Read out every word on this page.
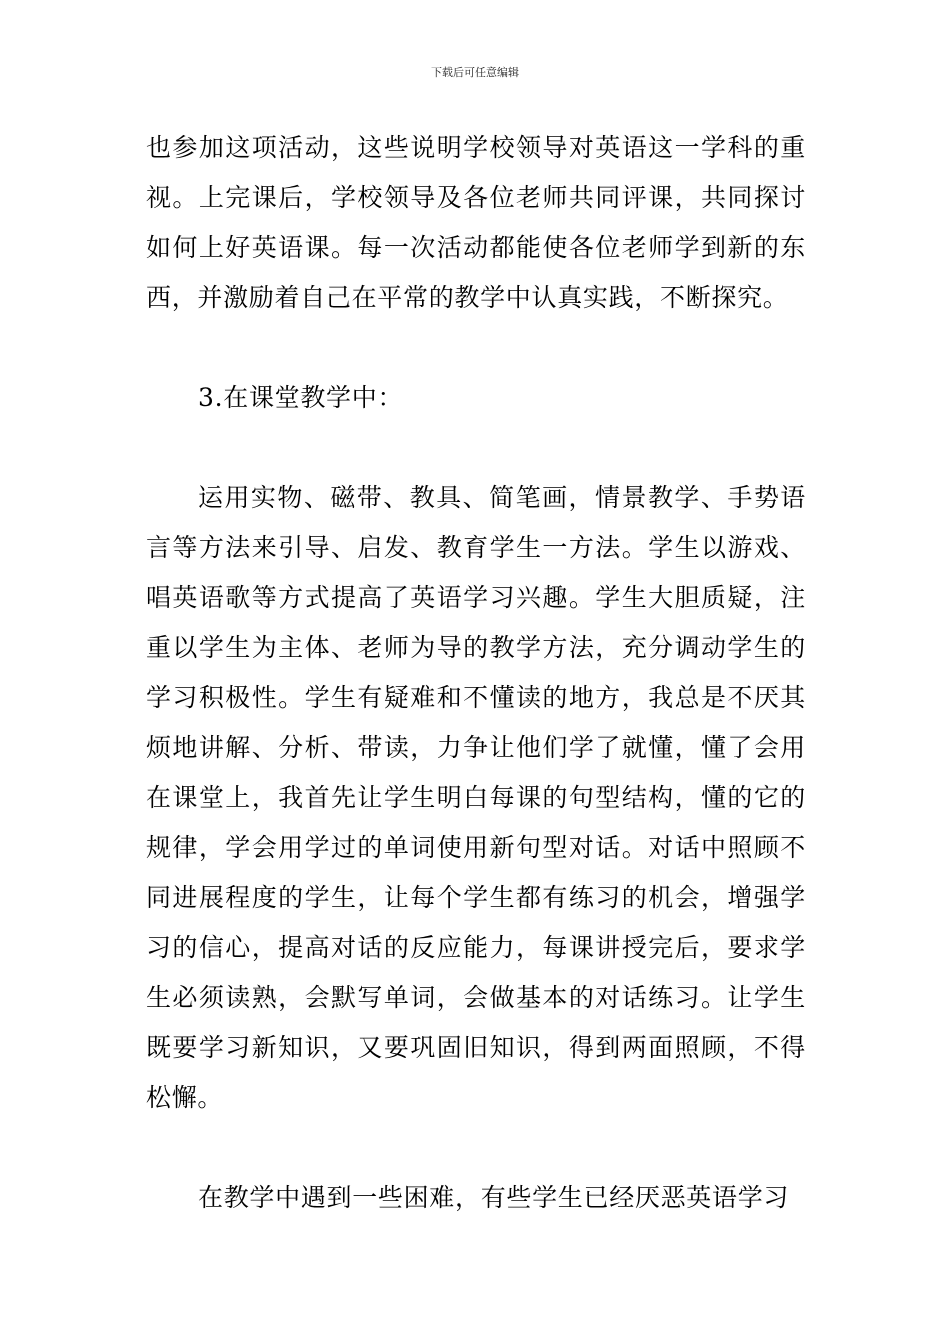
下载后可任意编辑

也参加这项活动，这些说明学校领导对英语这一学科的重视。上完课后，学校领导及各位老师共同评课，共同探讨如何上好英语课。每一次活动都能使各位老师学到新的东西，并激励着自己在平常的教学中认真实践，不断探究。

3.在课堂教学中：

运用实物、磁带、教具、简笔画，情景教学、手势语言等方法来引导、启发、教育学生一方法。学生以游戏、唱英语歌等方式提高了英语学习兴趣。学生大胆质疑，注重以学生为主体、老师为导的教学方法，充分调动学生的学习积极性。学生有疑难和不懂读的地方，我总是不厌其烦地讲解、分析、带读，力争让他们学了就懂，懂了会用在课堂上，我首先让学生明白每课的句型结构，懂的它的规律，学会用学过的单词使用新句型对话。对话中照顾不同进展程度的学生，让每个学生都有练习的机会，增强学习的信心，提高对话的反应能力，每课讲授完后，要求学生必须读熟，会默写单词，会做基本的对话练习。让学生既要学习新知识，又要巩固旧知识，得到两面照顾，不得松懈。

在教学中遇到一些困难，有些学生已经厌恶英语学习
